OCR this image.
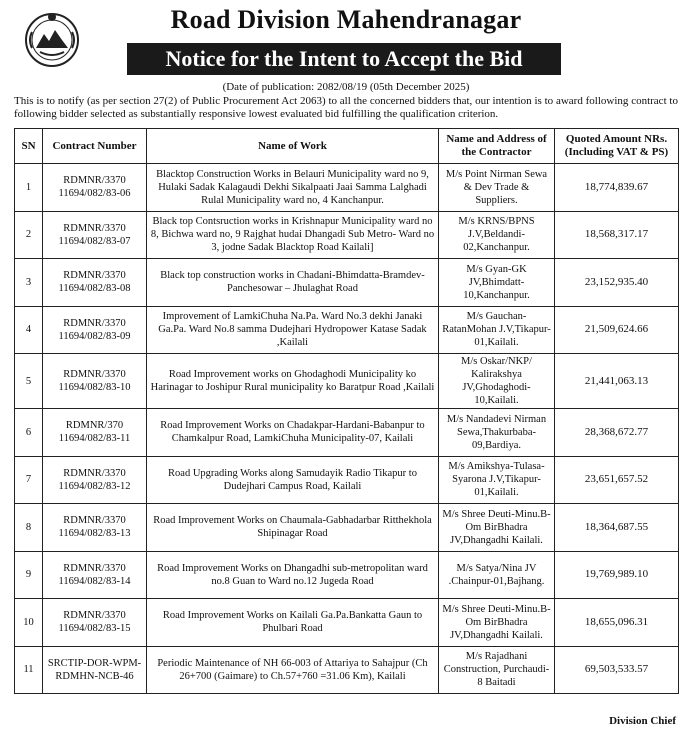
Road Division Mahendranagar
Notice for the Intent to Accept the Bid
(Date of publication: 2082/08/19 (05th December 2025)
This is to notify (as per section 27(2) of Public Procurement Act 2063) to all the concerned bidders that, our intention is to award following contract to following bidder selected as substantially responsive lowest evaluated bid fulfilling the qualification criterion.
SN	Contract Number	Name of Work	Name and Address of the Contractor	Quoted Amount NRs. (Including VAT & PS)
1	RDMNR/3370 11694/082/83-06	Blacktop Construction Works in Belauri Municipality ward no 9, Hulaki Sadak Kalagaudi Dekhi Sikalpaati Jaai Samma Lalghadi Rulal Municipality ward no, 4 Kanchanpur.	M/s Point Nirman Sewa & Dev Trade & Suppliers.	18,774,839.67
2	RDMNR/3370 11694/082/83-07	Black top Contsruction works in Krishnapur Municipality ward no 8, Bichwa ward no, 9 Rajghat hudai Dhangadi Sub Metro- Ward no 3, jodne Sadak Blacktop Road Kailali]	M/s KRNS/BPNS J.V,Beldandi-02,Kanchanpur.	18,568,317.17
3	RDMNR/3370 11694/082/83-08	Black top construction works in Chadani-Bhimdatta-Bramdev-Panchesowar – Jhulaghat Road	M/s Gyan-GK JV,Bhimdatt-10,Kanchanpur.	23,152,935.40
4	RDMNR/3370 11694/082/83-09	Improvement of LamkiChuha Na.Pa. Ward No.3 dekhi Janaki Ga.Pa. Ward No.8 samma Dudejhari Hydropower Katase Sadak ,Kailali	M/s Gauchan-RatanMohan J.V,Tikapur-01,Kailali.	21,509,624.66
5	RDMNR/3370 11694/082/83-10	Road Improvement works on Ghodaghodi Municipality ko Harinagar to Joshipur Rural municipality ko Baratpur Road ,Kailali	M/s Oskar/NKP/ Kalirakshya JV,Ghodaghodi-10,Kailali.	21,441,063.13
6	RDMNR/370 11694/082/83-11	Road Improvement Works on Chadakpar-Hardani-Babanpur to Chamkalpur Road, LamkiChuha Municipality-07, Kailali	M/s Nandadevi Nirman Sewa,Thakurbaba-09,Bardiya.	28,368,672.77
7	RDMNR/3370 11694/082/83-12	Road Upgrading Works along Samudayik Radio Tikapur to Dudejhari Campus Road, Kailali	M/s Amikshya-Tulasa-Syarona J.V,Tikapur-01,Kailali.	23,651,657.52
8	RDMNR/3370 11694/082/83-13	Road Improvement Works on Chaumala-Gabhadarbar Ritthekhola Shipinagar Road	M/s Shree Deuti-Minu.B-Om BirBhadra JV,Dhangadhi Kailali.	18,364,687.55
9	RDMNR/3370 11694/082/83-14	Road Improvement Works on Dhangadhi sub-metropolitan ward no.8 Guan to Ward no.12 Jugeda Road	M/s Satya/Nina JV .Chainpur-01,Bajhang.	19,769,989.10
10	RDMNR/3370 11694/082/83-15	Road Improvement Works on Kailali Ga.Pa.Bankatta Gaun to Phulbari Road	M/s Shree Deuti-Minu.B-Om BirBhadra JV,Dhangadhi Kailali.	18,655,096.31
11	SRCTIP-DOR-WPM-RDMHN-NCB-46	Periodic Maintenance of NH 66-003 of Attariya to Sahajpur (Ch 26+700 (Gaimare) to Ch.57+760 =31.06 Km), Kailali	M/s Rajadhani Construction, Purchaudi-8 Baitadi	69,503,533.57
Division Chief
